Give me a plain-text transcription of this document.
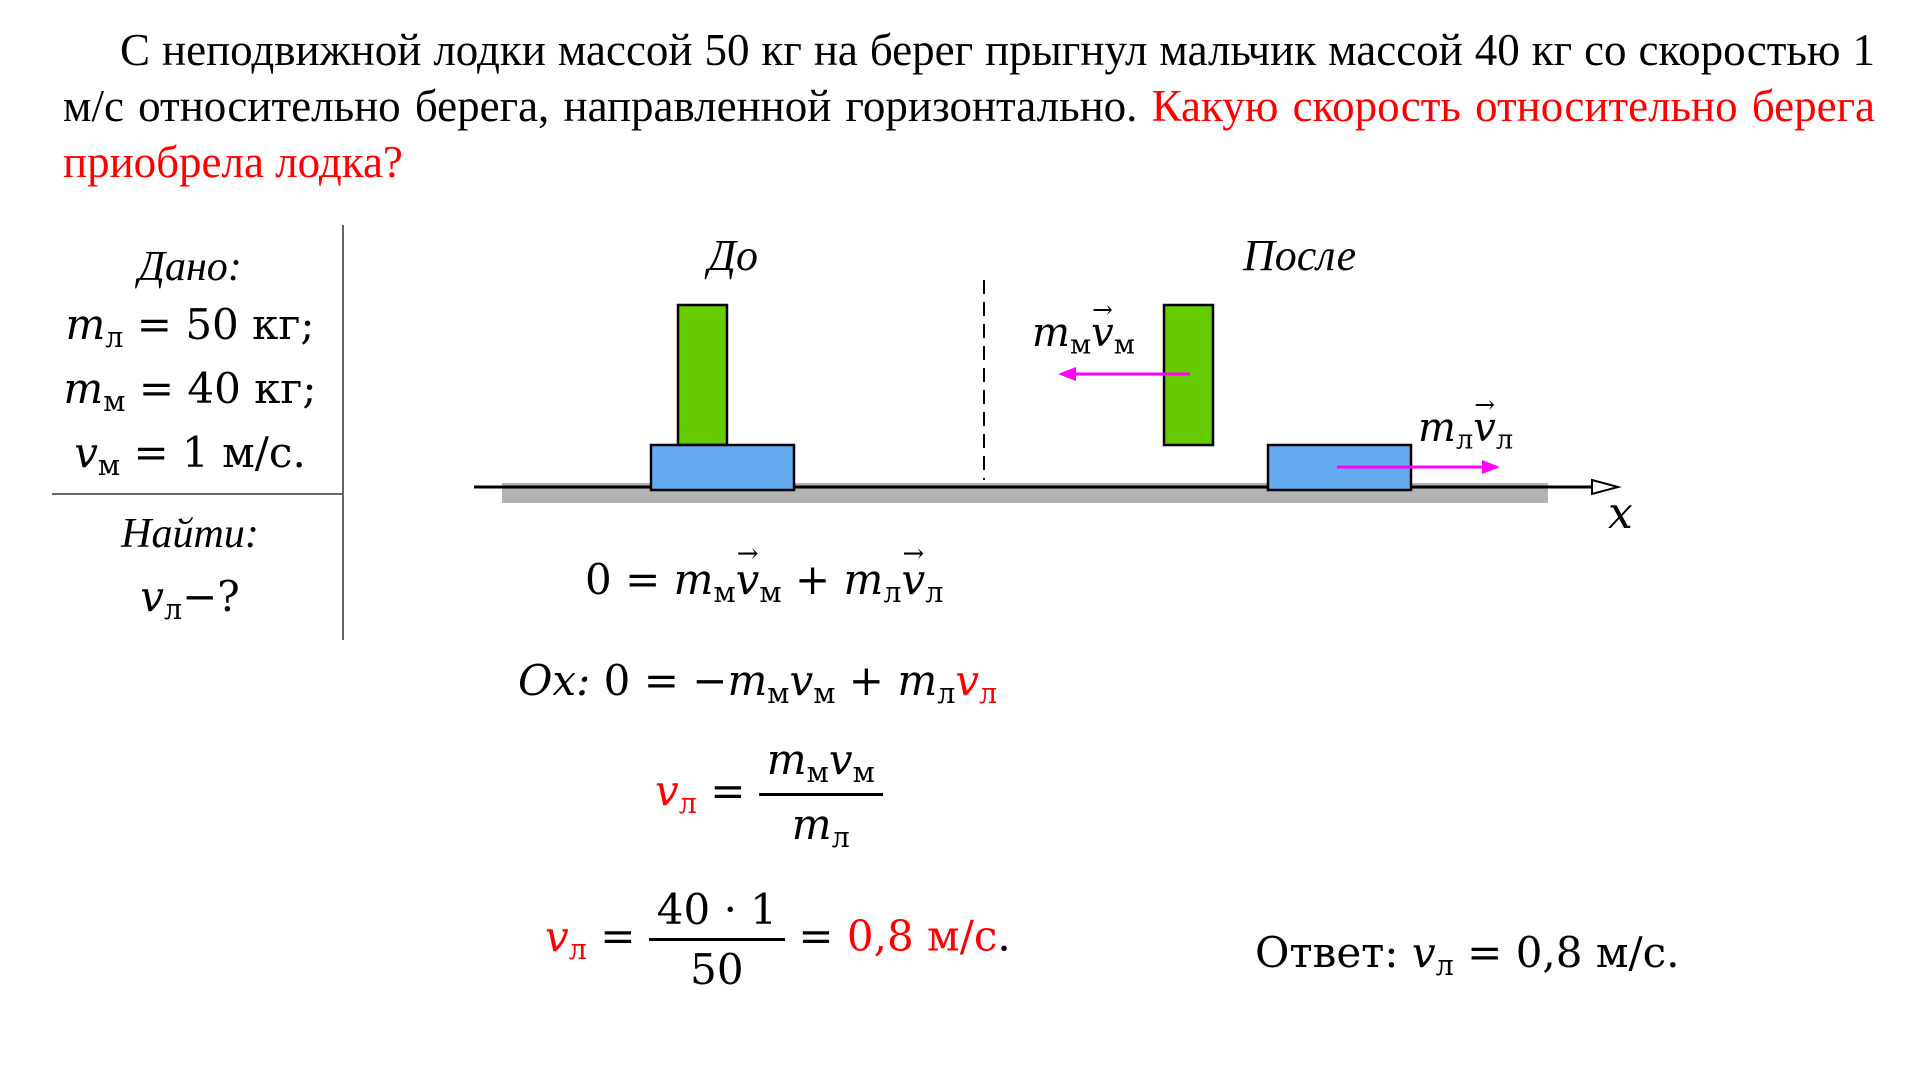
С неподвижной лодки массой 50 кг на берег прыгнул мальчик массой 40 кг со скоростью 1 м/с относительно берега, направленной горизонтально. Какую скорость относительно берега приобрела лодка?
До	После
x
$m_мv \to_м$
$m_лv \to_л$
Дано:
$m_л = 50$ кг;
$m_м = 40$ кг;
$v_м = 1$ м/с.
Найти:
$v_л-$?	$0 = m_мv \to_м + m_лv \to_л$
Ox: $0 = -m_мv_м + m_лv_л$
$v_л = \frac{m_мv_м}{m_л}$
$v_л = \frac{40 \cdot 1}{50} = 0,8$ м/с.	Ответ: $v_л = 0,8$ м/с.
